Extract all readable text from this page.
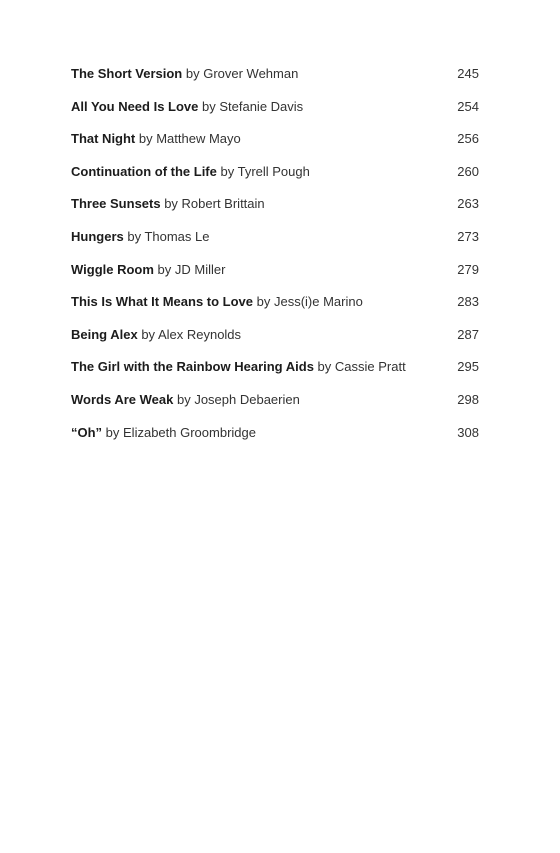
The Short Version by Grover Wehman	245
All You Need Is Love by Stefanie Davis	254
That Night by Matthew Mayo	256
Continuation of the Life by Tyrell Pough	260
Three Sunsets by Robert Brittain	263
Hungers by Thomas Le	273
Wiggle Room by JD Miller	279
This Is What It Means to Love by Jess(i)e Marino	283
Being Alex by Alex Reynolds	287
The Girl with the Rainbow Hearing Aids by Cassie Pratt	295
Words Are Weak by Joseph Debaerien	298
“Oh” by Elizabeth Groombridge	308
